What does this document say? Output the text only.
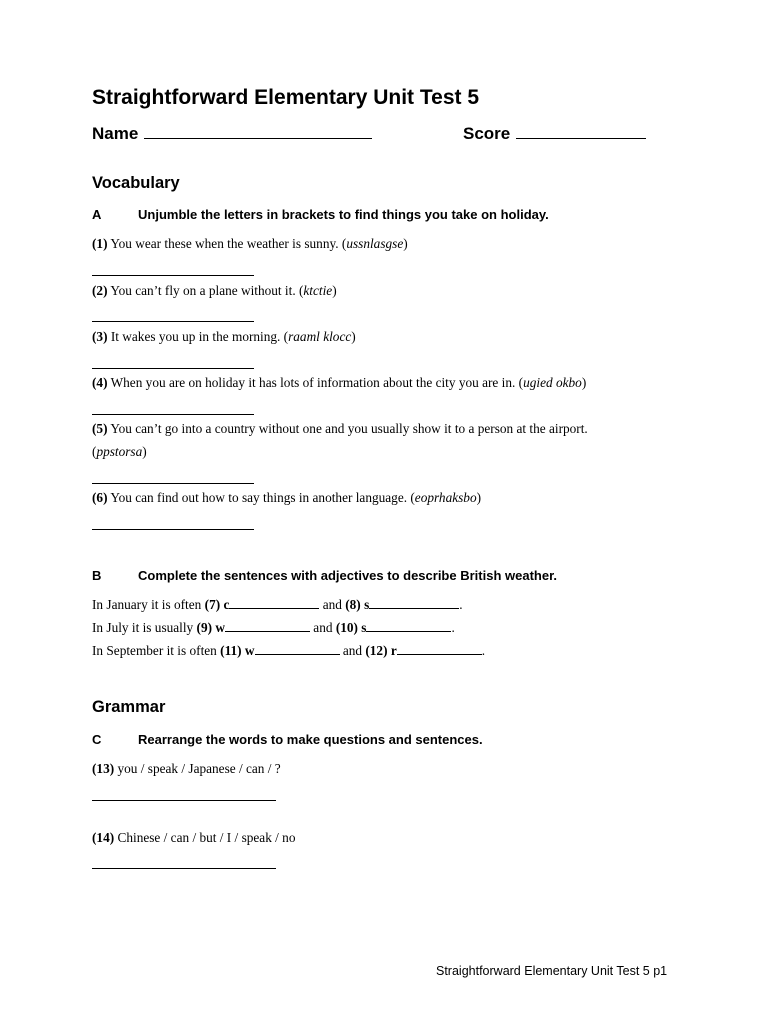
Straightforward Elementary Unit Test 5
Name	Score
Vocabulary
A	Unjumble the letters in brackets to find things you take on holiday.
(1) You wear these when the weather is sunny. (ussnlasgse)
(2) You can’t fly on a plane without it. (ktctie)
(3) It wakes you up in the morning. (raaml klocc)
(4) When you are on holiday it has lots of information about the city you are in. (ugied okbo)
(5) You can’t go into a country without one and you usually show it to a person at the airport.
(ppstorsa)
(6) You can find out how to say things in another language. (eoprhaksbo)
B	Complete the sentences with adjectives to describe British weather.
In January it is often (7) c	and (8) s	.
In July it is usually (9) w	and (10) s	.
In September it is often (11) w	and (12) r	.
Grammar
C	Rearrange the words to make questions and sentences.
(13) you / speak / Japanese / can / ?
(14) Chinese / can / but / I / speak / no
Straightforward Elementary Unit Test 5 p1
